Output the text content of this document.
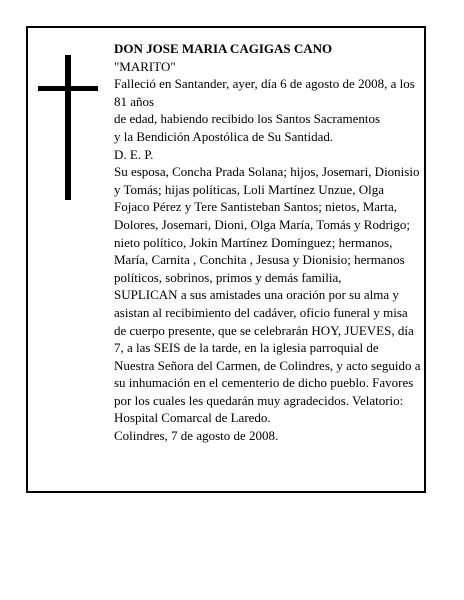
DON JOSE MARIA CAGIGAS CANO

"MARITO"

Falleció en Santander, ayer, día 6 de agosto de 2008, a los 81 años

de edad, habiendo recibido los Santos Sacramentos

y la Bendición Apostólica de Su Santidad.

D. E. P.

Su esposa, Concha Prada Solana; hijos, Josemari, Dionisio y Tomás; hijas políticas, Loli Martínez Unzue, Olga Fojaco Pérez y Tere Santisteban Santos; nietos, Marta, Dolores, Josemari, Dioni, Olga María, Tomás y Rodrigo; nieto político, Jokin Martínez Domínguez; hermanos, María, Carnita , Conchita , Jesusa y Dionisio; hermanos políticos, sobrinos, primos y demás familia,

SUPLICAN a sus amistades una oración por su alma y asistan al recibimiento del cadáver, oficio funeral y misa de cuerpo presente, que se celebrarán HOY, JUEVES, día 7, a las SEIS de la tarde, en la iglesia parroquial de Nuestra Señora del Carmen, de Colindres, y acto seguido a su inhumación en el cementerio de dicho pueblo. Favores por los cuales les quedarán muy agradecidos. Velatorio: Hospital Comarcal de Laredo.

Colindres, 7 de agosto de 2008.
